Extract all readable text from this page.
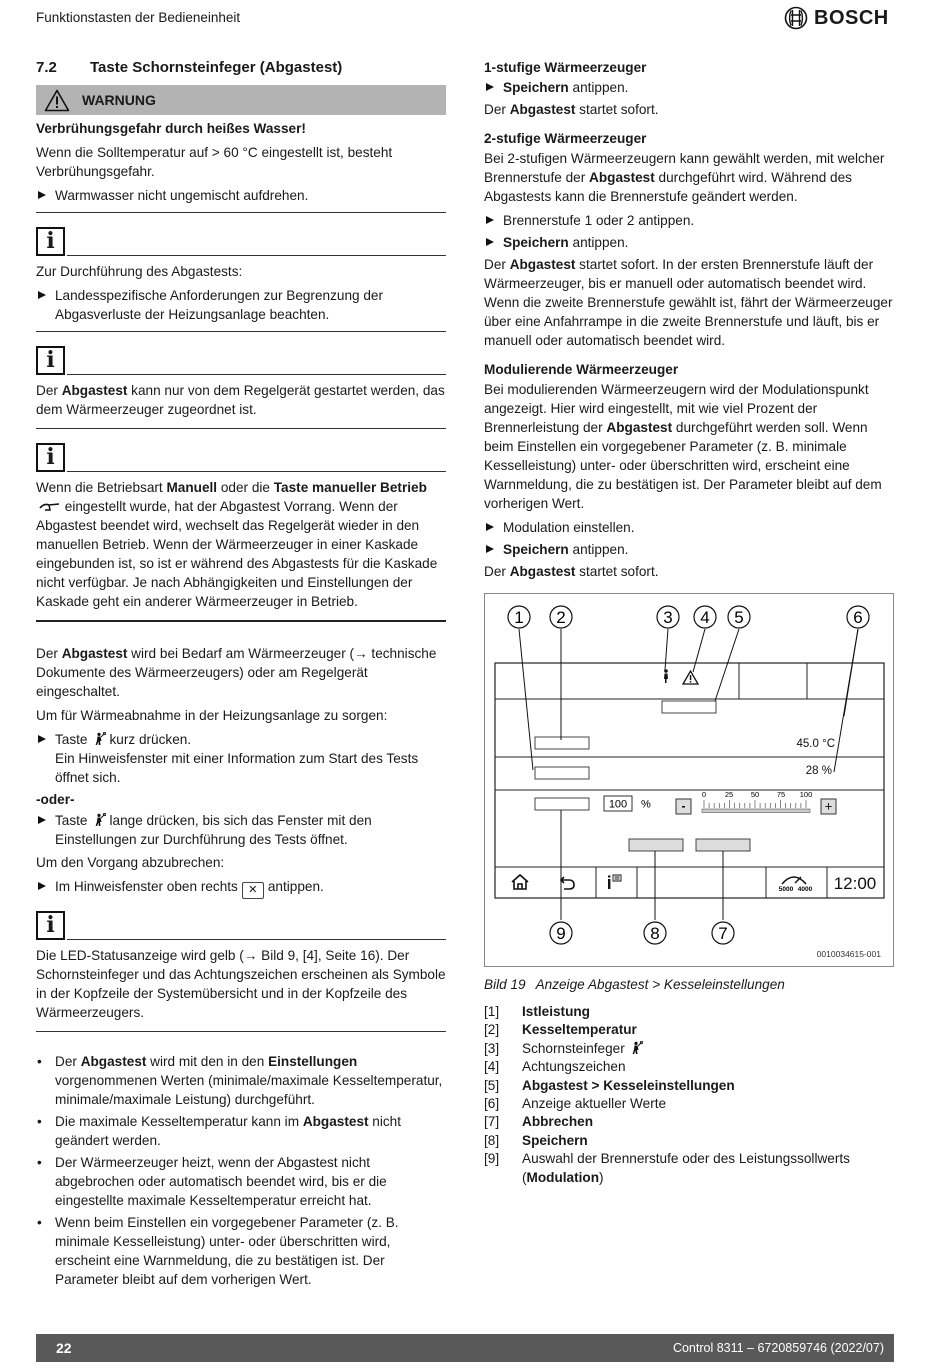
Funktionstasten der Bedieneinheit	BOSCH
7.2	Taste Schornsteinfeger (Abgastest)
WARNUNG

Verbrühungsgefahr durch heißes Wasser!

Wenn die Solltemperatur auf > 60 °C eingestellt ist, besteht Verbrühungsgefahr.

Warmwasser nicht ungemischt aufdrehen.
i

Zur Durchführung des Abgastests:

Landesspezifische Anforderungen zur Begrenzung der Abgasverluste der Heizungsanlage beachten.
i

Der Abgastest kann nur von dem Regelgerät gestartet werden, das dem Wärmeerzeuger zugeordnet ist.

i

Wenn die Betriebsart Manuell oder die Taste manueller Betrieb  eingestellt wurde, hat der Abgastest Vorrang. Wenn der Abgastest beendet wird, wechselt das Regelgerät wieder in den manuellen Betrieb. Wenn der Wärmeerzeuger in einer Kaskade eingebunden ist, so ist er während des Abgastests für die Kaskade nicht verfügbar. Je nach Abhängigkeiten und Einstellungen der Kaskade geht ein anderer Wärmeerzeuger in Betrieb.

Der Abgastest wird bei Bedarf am Wärmeerzeuger (→ technische Dokumente des Wärmeerzeugers) oder am Regelgerät eingeschaltet.

Um für Wärmeabnahme in der Heizungsanlage zu sorgen:

Taste kurz drücken.
Ein Hinweisfenster mit einer Information zum Start des Tests öffnet sich.

-oder-

Taste lange drücken, bis sich das Fenster mit den Einstellungen zur Durchführung des Tests öffnet.

Um den Vorgang abzubrechen:

Im Hinweisfenster oben rechts ✕ antippen.
i

Die LED-Statusanzeige wird gelb (→ Bild 9, [4], Seite 16). Der Schornsteinfeger und das Achtungszeichen erscheinen als Symbole in der Kopfzeile der Systemübersicht und in der Kopfzeile des Wärmeerzeugers.

• Der Abgastest wird mit den in den Einstellungen vorgenommenen Werten (minimale/maximale Kesseltemperatur, minimale/maximale Leistung) durchgeführt.
• Die maximale Kesseltemperatur kann im Abgastest nicht geändert werden.
• Der Wärmeerzeuger heizt, wenn der Abgastest nicht abgebrochen oder automatisch beendet wird, bis er die eingestellte maximale Kesseltemperatur erreicht hat.
• Wenn beim Einstellen ein vorgegebener Parameter (z. B. minimale Kesselleistung) unter- oder überschritten wird, erscheint eine Warnmeldung, die zu bestätigen ist. Der Parameter bleibt auf dem vorherigen Wert.

1-stufige Wärmeerzeuger

Speichern antippen.

Der Abgastest startet sofort.

2-stufige Wärmeerzeuger

Bei 2-stufigen Wärmeerzeugern kann gewählt werden, mit welcher Brennerstufe der Abgastest durchgeführt wird. Während des Abgastests kann die Brennerstufe geändert werden.

Brennerstufe 1 oder 2 antippen.
Speichern antippen.

Der Abgastest startet sofort. In der ersten Brennerstufe läuft der Wärmeerzeuger, bis er manuell oder automatisch beendet wird. Wenn die zweite Brennerstufe gewählt ist, fährt der Wärmeerzeuger über eine Anfahrrampe in die zweite Brennerstufe und läuft, bis er manuell oder automatisch beendet wird.

Modulierende Wärmeerzeuger

Bei modulierenden Wärmeerzeugern wird der Modulationspunkt angezeigt. Hier wird eingestellt, mit wie viel Prozent der Brennerleistung der Abgastest durchgeführt werden soll. Wenn beim Einstellen ein vorgegebener Parameter (z. B. minimale Kesselleistung) unter- oder überschritten wird, erscheint eine Warnmeldung, die zu bestätigen ist. Der Parameter bleibt auf dem vorherigen Wert.

Modulation einstellen.
Speichern antippen.

Der Abgastest startet sofort.

45.0 °C
28 %
100 %	-	+
0 25 50 75 100
5000 4000 12:00
1 2	3 4 5	6
7
8
9
0010034615-001

Bild 19 Anzeige Abgastest > Kesseleinstellungen

[1]	Istleistung
[2]	Kesseltemperatur
[3]	Schornsteinfeger
[4]	Achtungszeichen
[5]	Abgastest > Kesseleinstellungen
[6]	Anzeige aktueller Werte
[7]	Abbrechen
[8]	Speichern
[9]	Auswahl der Brennerstufe oder des Leistungssollwerts
(Modulation)
22	Control 8311 – 6720859746 (2022/07)
